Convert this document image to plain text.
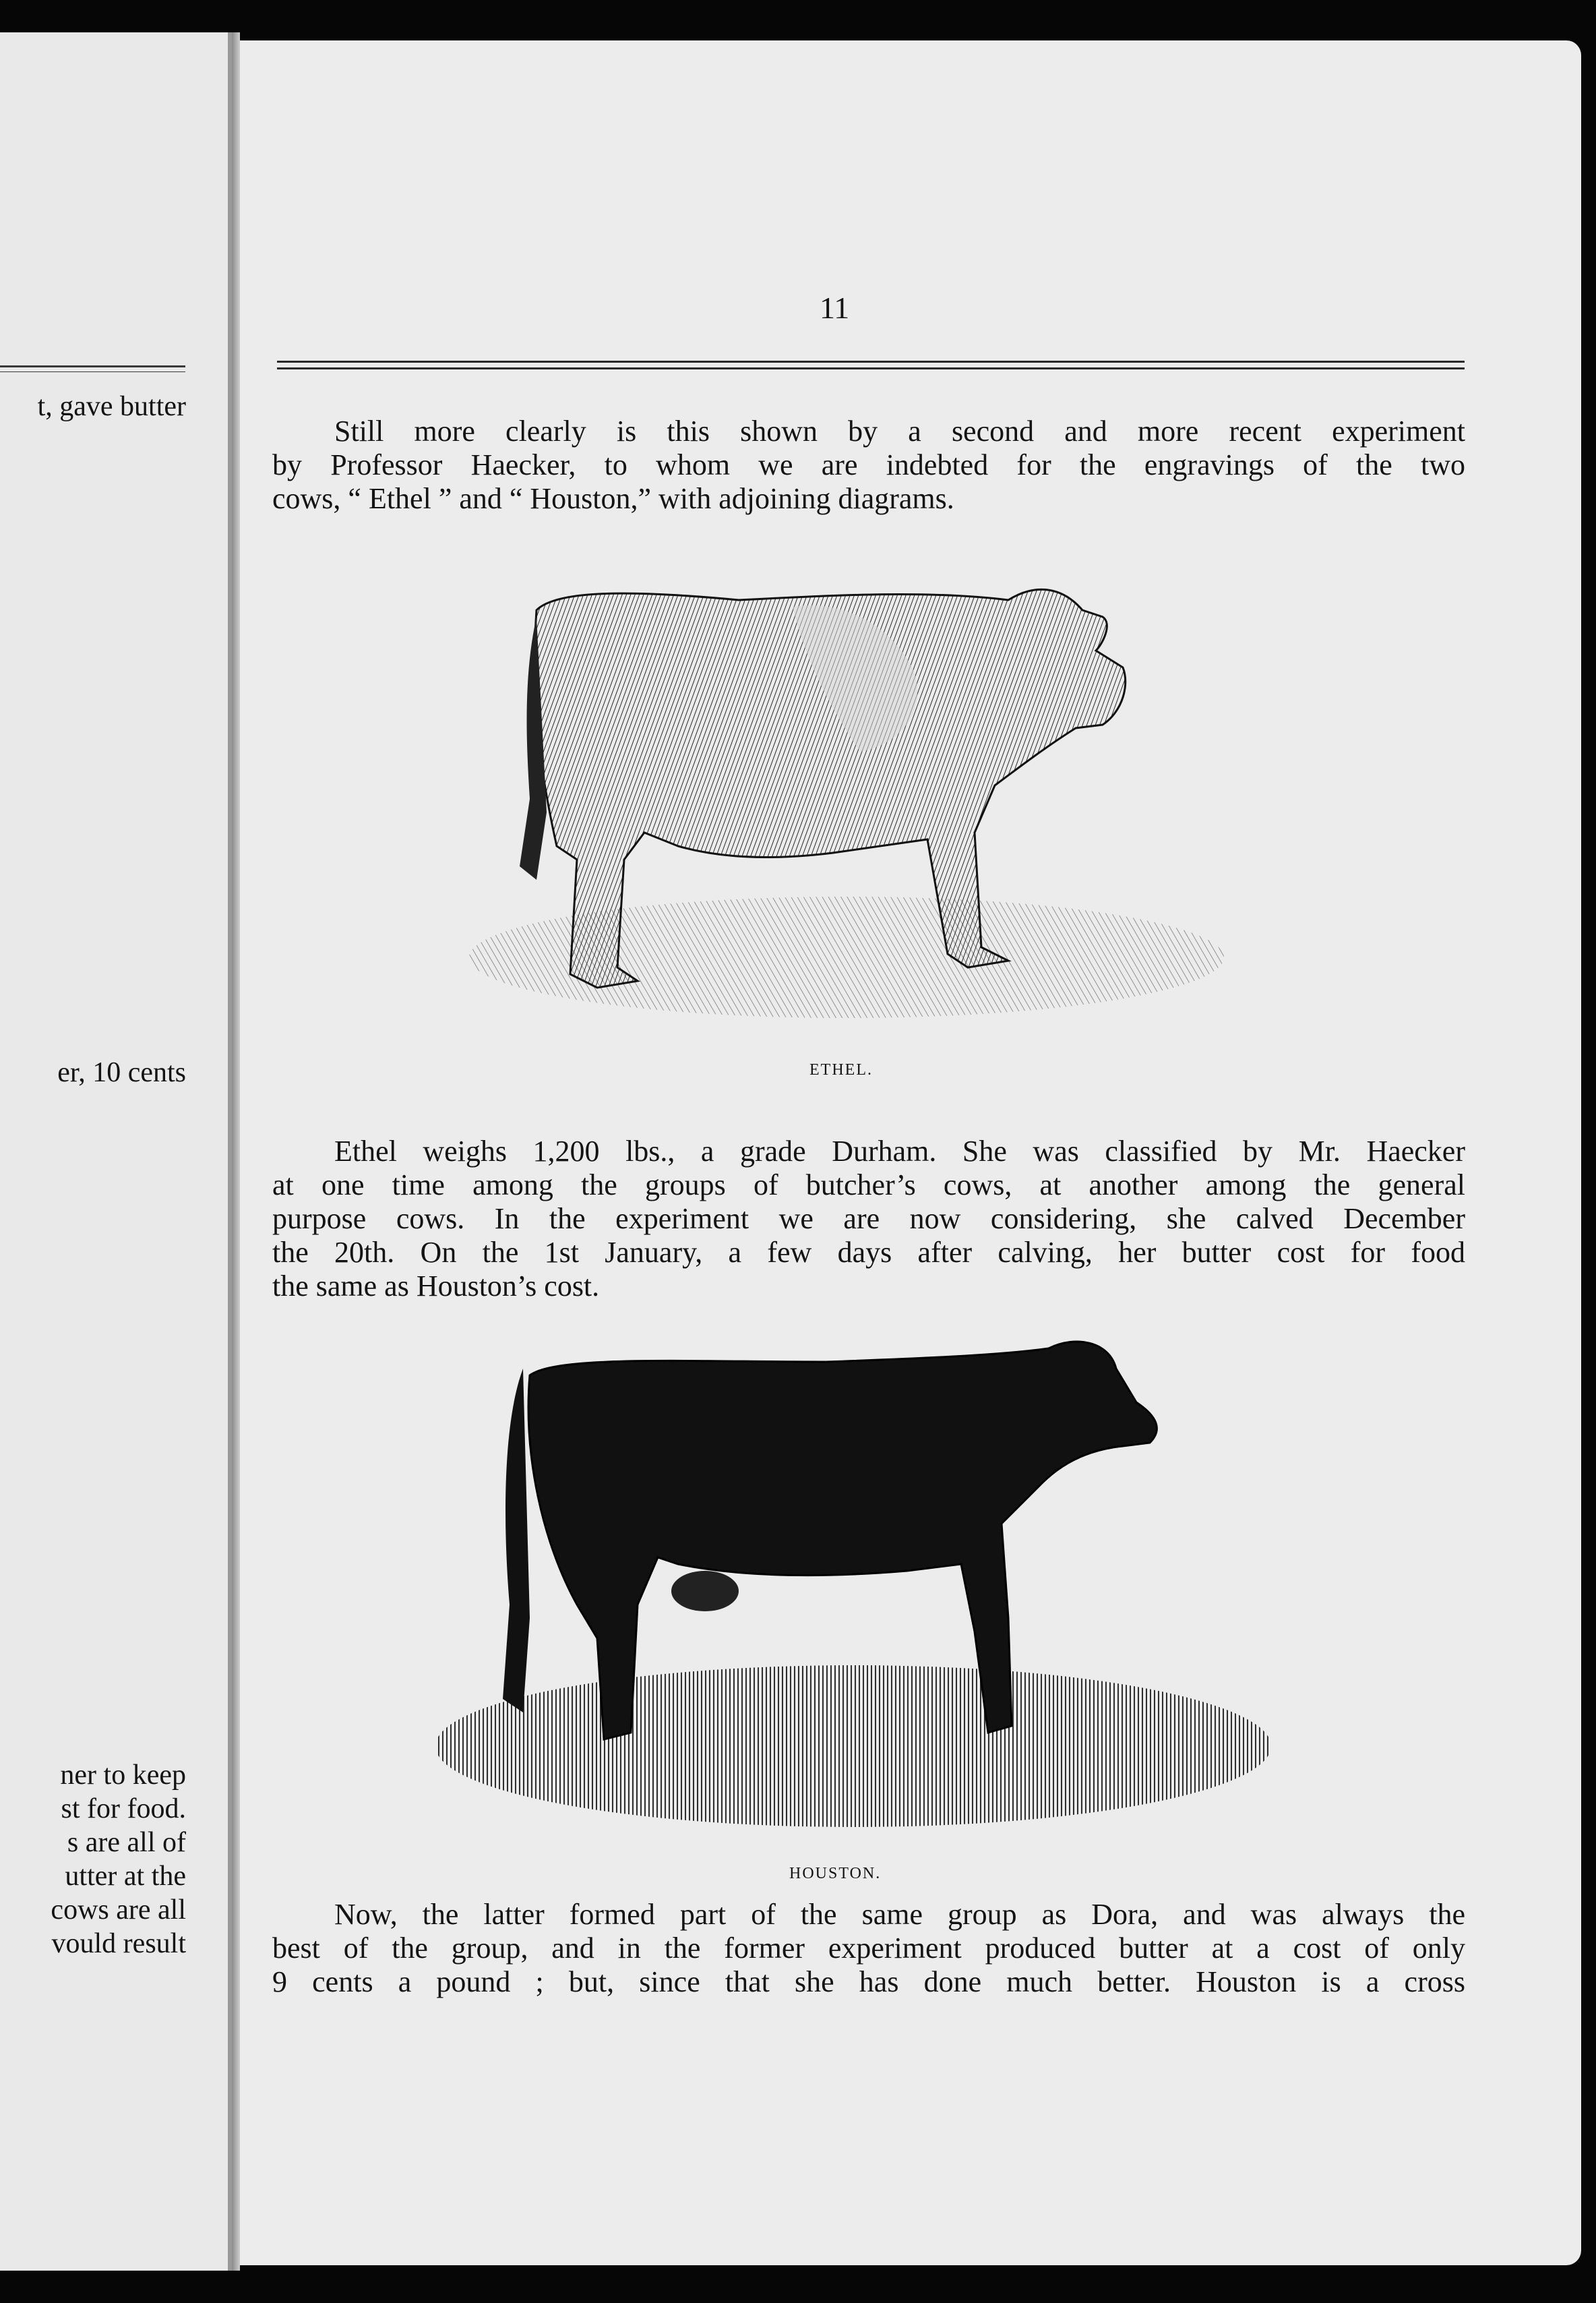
t, gave butter
er, 10 cents
ner to keep
st for food.
s are all of
utter at the
cows are all
vould result
11
Still more clearly is this shown by a second and more recent experiment
by Professor Haecker, to whom we are indebted for the engravings of the two
cows, “ Ethel ” and “ Houston,” with adjoining diagrams.
ETHEL.
Ethel weighs 1,200 lbs., a grade Durham. She was classified by Mr. Haecker
at one time among the groups of butcher’s cows, at another among the general
purpose cows. In the experiment we are now considering, she calved December
the 20th. On the 1st January, a few days after calving, her butter cost for food
the same as Houston’s cost.
HOUSTON.
Now, the latter formed part of the same group as Dora, and was always the
best of the group, and in the former experiment produced butter at a cost of only
9 cents a pound ; but, since that she has done much better. Houston is a cross
